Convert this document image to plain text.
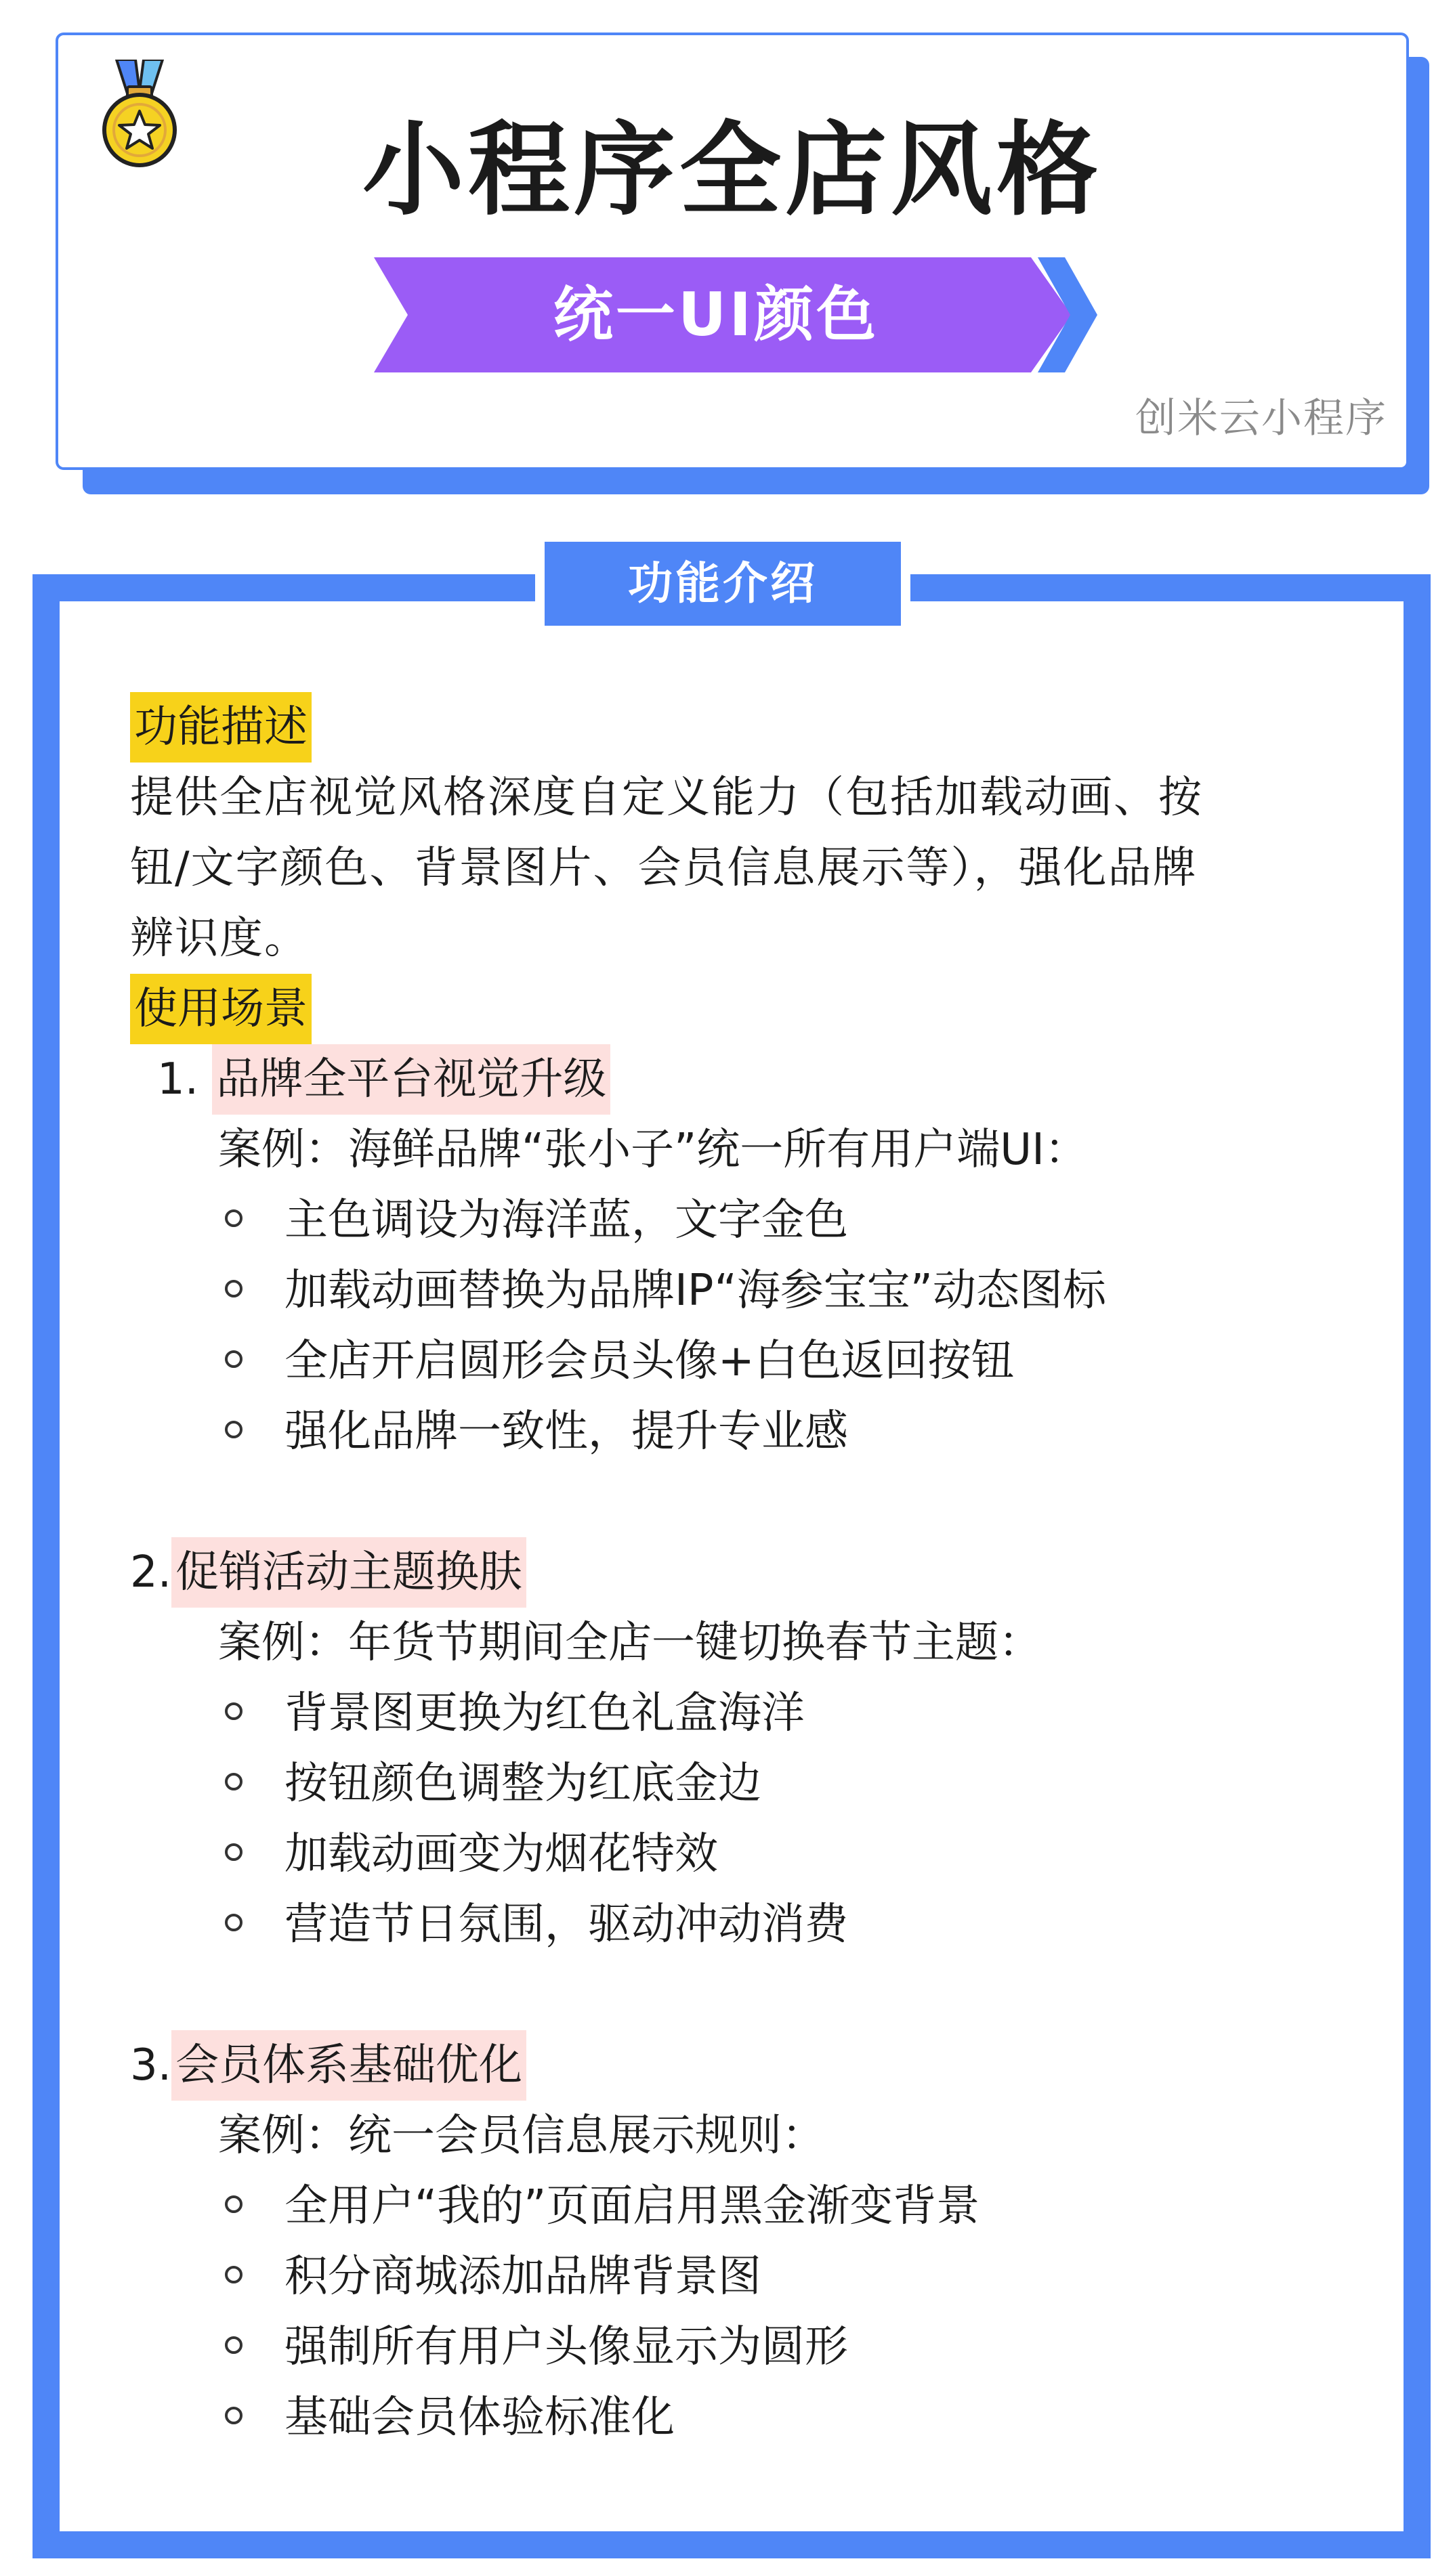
小程序全店风格
统一UI颜色
创米云小程序
功能介绍
功能描述
提供全店视觉风格深度自定义能力（包括加载动画、按
钮/文字颜色、背景图片、会员信息展示等），强化品牌
辨识度。
使用场景
1. 品牌全平台视觉升级
案例：海鲜品牌“张小子”统一所有用户端UI：
主色调设为海洋蓝，文字金色
加载动画替换为品牌IP“海参宝宝”动态图标
全店开启圆形会员头像+白色返回按钮
强化品牌一致性，提升专业感
2.促销活动主题换肤
案例：年货节期间全店一键切换春节主题：
背景图更换为红色礼盒海洋
按钮颜色调整为红底金边
加载动画变为烟花特效
营造节日氛围，驱动冲动消费
3.会员体系基础优化
案例：统一会员信息展示规则：
全用户“我的”页面启用黑金渐变背景
积分商城添加品牌背景图
强制所有用户头像显示为圆形
基础会员体验标准化
